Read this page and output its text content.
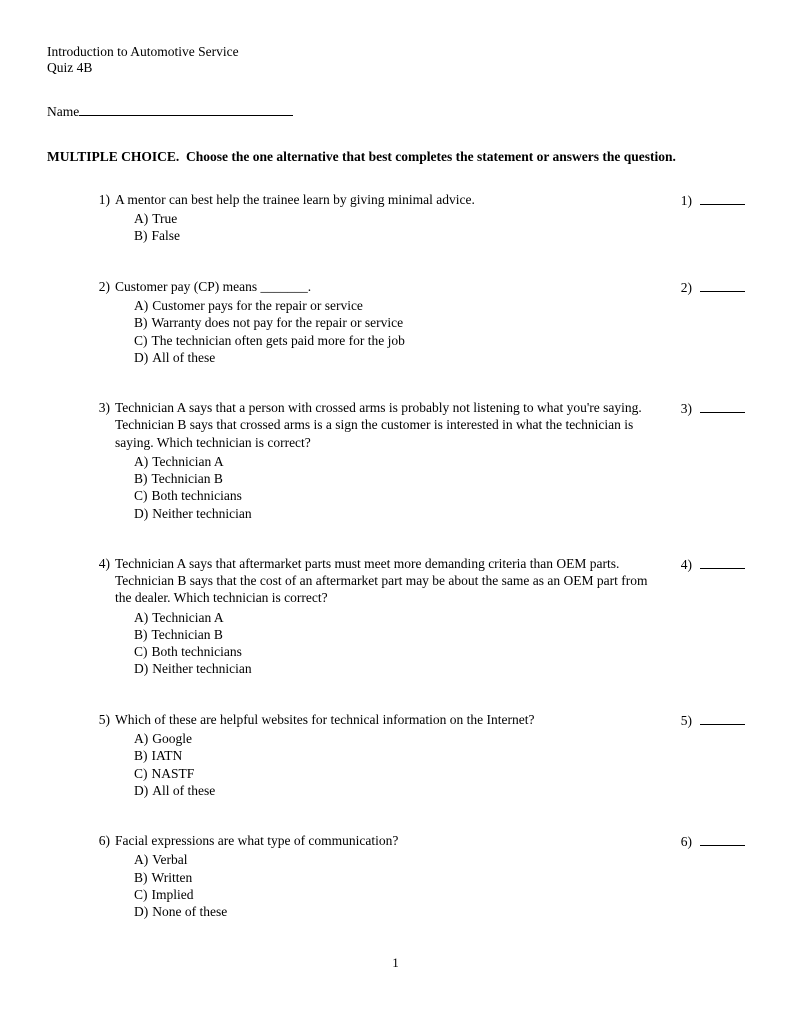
Introduction to Automotive Service
Quiz 4B
Name
MULTIPLE CHOICE.  Choose the one alternative that best completes the statement or answers the question.
1) A mentor can best help the trainee learn by giving minimal advice.
A) True
B) False
1)
2) Customer pay (CP) means _______.
A) Customer pays for the repair or service
B) Warranty does not pay for the repair or service
C) The technician often gets paid more for the job
D) All of these
2)
3) Technician A says that a person with crossed arms is probably not listening to what you're saying. Technician B says that crossed arms is a sign the customer is interested in what the technician is saying. Which technician is correct?
A) Technician A
B) Technician B
C) Both technicians
D) Neither technician
3)
4) Technician A says that aftermarket parts must meet more demanding criteria than OEM parts. Technician B says that the cost of an aftermarket part may be about the same as an OEM part from the dealer. Which technician is correct?
A) Technician A
B) Technician B
C) Both technicians
D) Neither technician
4)
5) Which of these are helpful websites for technical information on the Internet?
A) Google
B) IATN
C) NASTF
D) All of these
5)
6) Facial expressions are what type of communication?
A) Verbal
B) Written
C) Implied
D) None of these
6)
1
